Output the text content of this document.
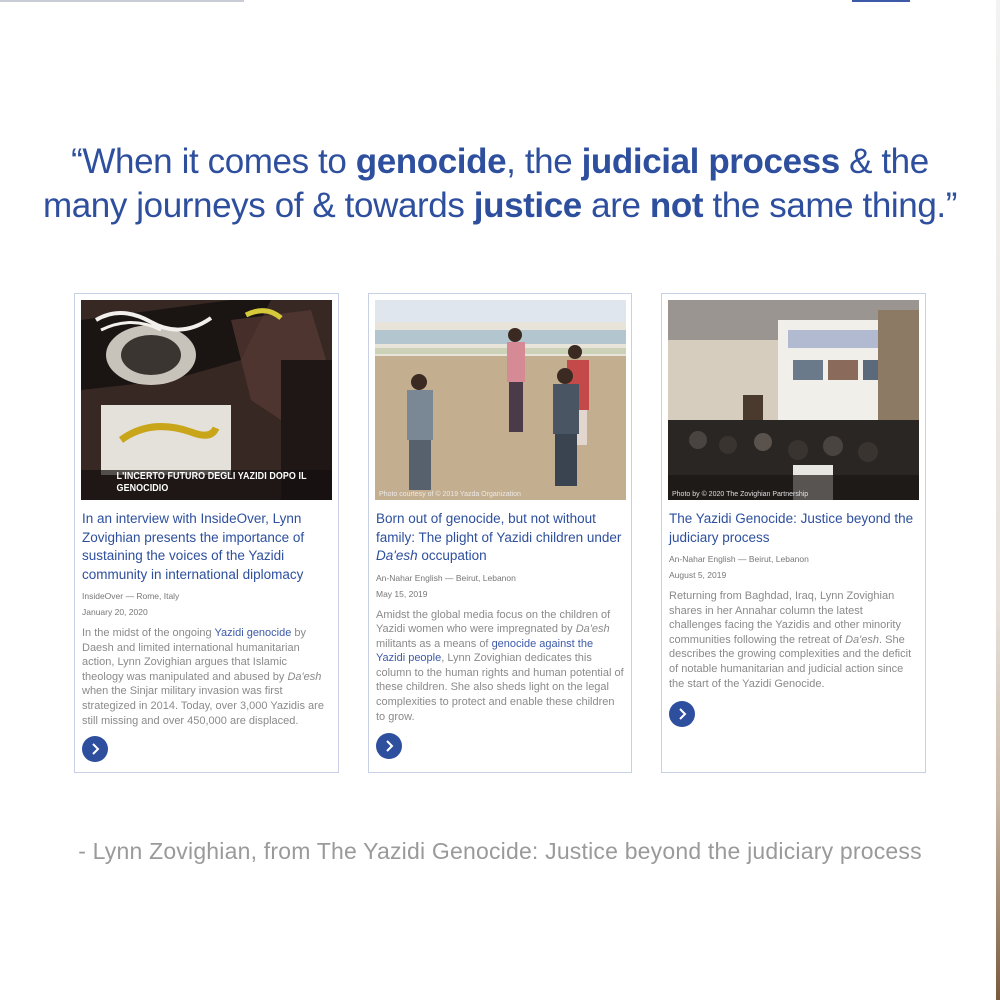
“When it comes to genocide, the judicial process & the
many journeys of & towards justice are not the same thing.”
L'INCERTO FUTURO DEGLI YAZIDI DOPO IL GENOCIDIO

In an interview with InsideOver, Lynn Zovighian presents the importance of sustaining the voices of the Yazidi community in international diplomacy

InsideOver — Rome, Italy
January 20, 2020
In the midst of the ongoing Yazidi genocide by Daesh and limited international humanitarian action, Lynn Zovighian argues that Islamic theology was manipulated and abused by Da'esh when the Sinjar military invasion was first strategized in 2014. Today, over 3,000 Yazidis are still missing and over 450,000 are displaced.
Photo courtesy of © 2019 Yazda Organization

Born out of genocide, but not without family: The plight of Yazidi children under Da'esh occupation

An-Nahar English — Beirut, Lebanon
May 15, 2019
Amidst the global media focus on the children of Yazidi women who were impregnated by Da'esh militants as a means of genocide against the Yazidi people, Lynn Zovighian dedicates this column to the human rights and human potential of these children. She also sheds light on the legal complexities to protect and enable these children to grow.
Photo by © 2020 The Zovighian Partnership

The Yazidi Genocide: Justice beyond the judiciary process

An-Nahar English — Beirut, Lebanon
August 5, 2019
Returning from Baghdad, Iraq, Lynn Zovighian shares in her Annahar column the latest challenges facing the Yazidis and other minority communities following the retreat of Da'esh. She describes the growing complexities and the deficit of notable humanitarian and judicial action since the start of the Yazidi Genocide.
- Lynn Zovighian, from The Yazidi Genocide: Justice beyond the judiciary process
